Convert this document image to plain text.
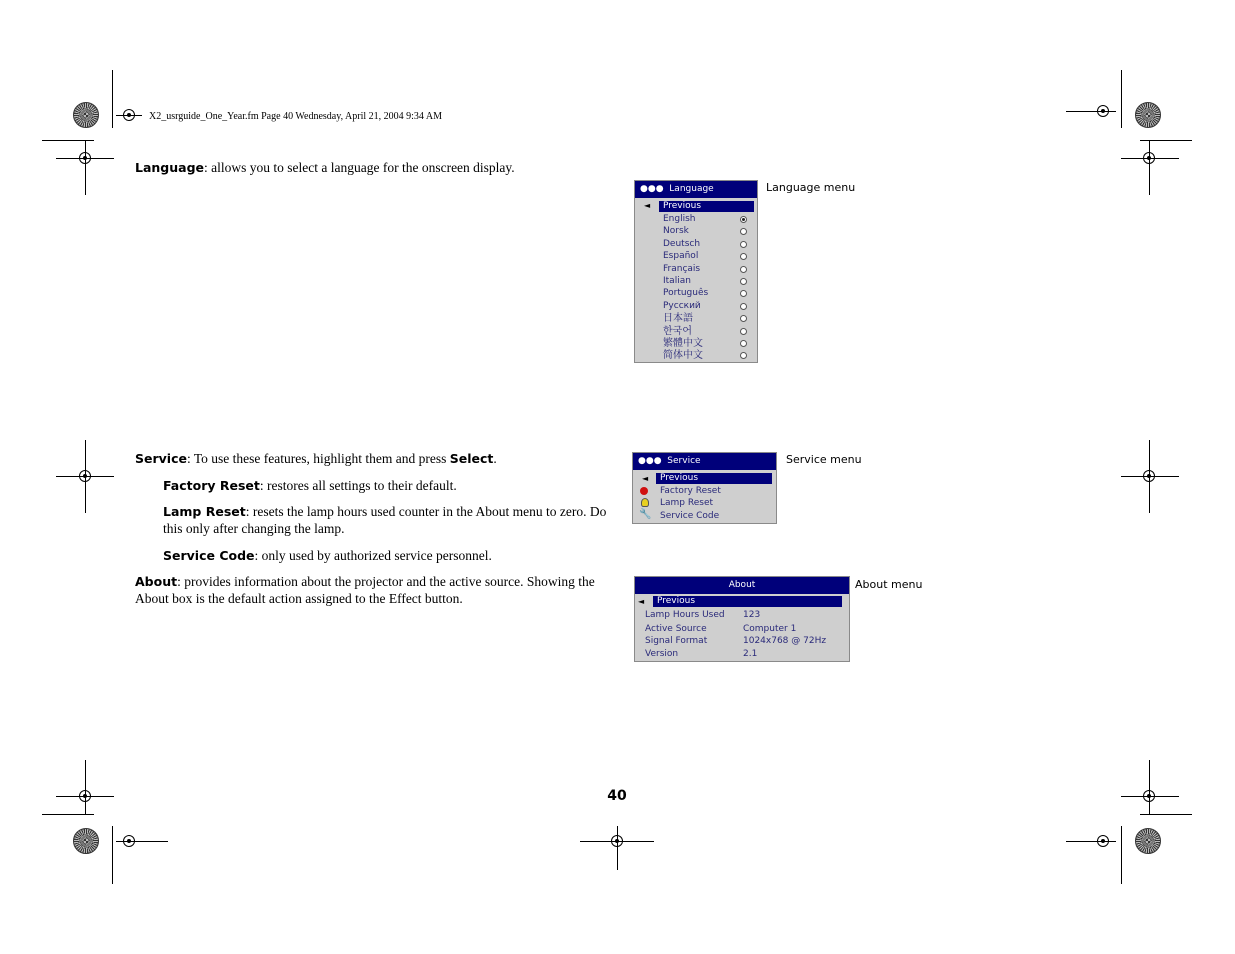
X2_usrguide_One_Year.fm Page 40 Wednesday, April 21, 2004 9:34 AM
Language: allows you to select a language for the onscreen display.
●●● Language
◄	Previous
English
Norsk
Deutsch
Español
Français
Italian
Português
Русский
日本語
한국어
繁體中文
简体中文
Language menu
Service: To use these features, highlight them and press Select.
Factory Reset: restores all settings to their default.
Lamp Reset: resets the lamp hours used counter in the About menu to zero. Do this only after changing the lamp.
Service Code: only used by authorized service personnel.
About: provides information about the projector and the active source. Showing the About box is the default action assigned to the Effect button.
●●● Service
◄	Previous
Factory Reset
Lamp Reset
🔧 Service Code
Service menu
About
◄	Previous
Lamp Hours Used 123
Active Source	Computer 1
Signal Format	1024x768 @ 72Hz
Version	2.1
About menu
40
